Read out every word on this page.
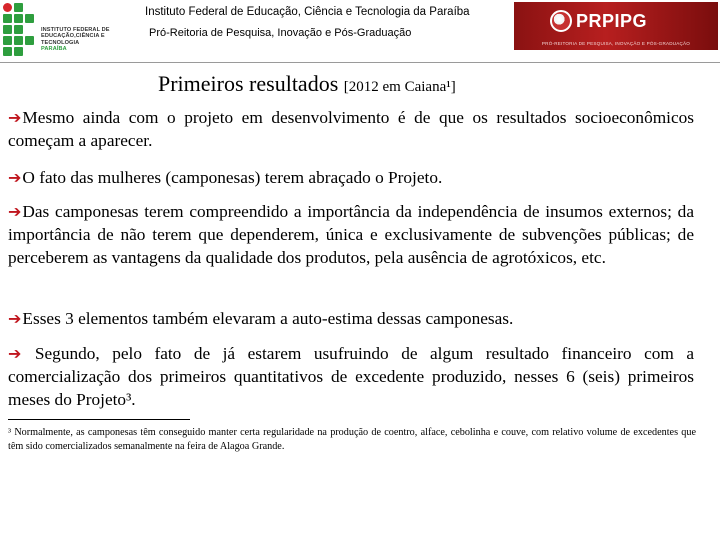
INSTITUTO FEDERAL DE
EDUCAÇÃO,CIÊNCIA E TECNOLOGIA
PARAÍBA
Instituto Federal de Educação, Ciência e Tecnologia da Paraíba
Pró-Reitoria de Pesquisa, Inovação e Pós-Graduação
PRPIPG
PRÓ-REITORIA DE PESQUISA, INOVAÇÃO E PÓS-GRADUAÇÃO
Primeiros resultados [2012 em Caiana¹]
➔Mesmo ainda com o projeto em desenvolvimento é de que os resultados socioeconômicos começam a aparecer.
➔O fato das mulheres (camponesas) terem abraçado o Projeto.
➔Das camponesas terem compreendido a importância da independência de insumos externos; da importância de não terem que dependerem, única e exclusivamente de subvenções públicas; de perceberem as vantagens da qualidade dos produtos, pela ausência de agrotóxicos, etc.
➔Esses 3 elementos também elevaram a auto-estima dessas camponesas.
➔ Segundo, pelo fato de já estarem usufruindo de algum resultado financeiro com a comercialização dos primeiros quantitativos de excedente produzido, nesses 6 (seis) primeiros meses do Projeto³.
³ Normalmente, as camponesas têm conseguido manter certa regularidade na produção de coentro, alface, cebolinha e couve, com relativo volume de excedentes que têm sido comercializados semanalmente na feira de Alagoa Grande.
